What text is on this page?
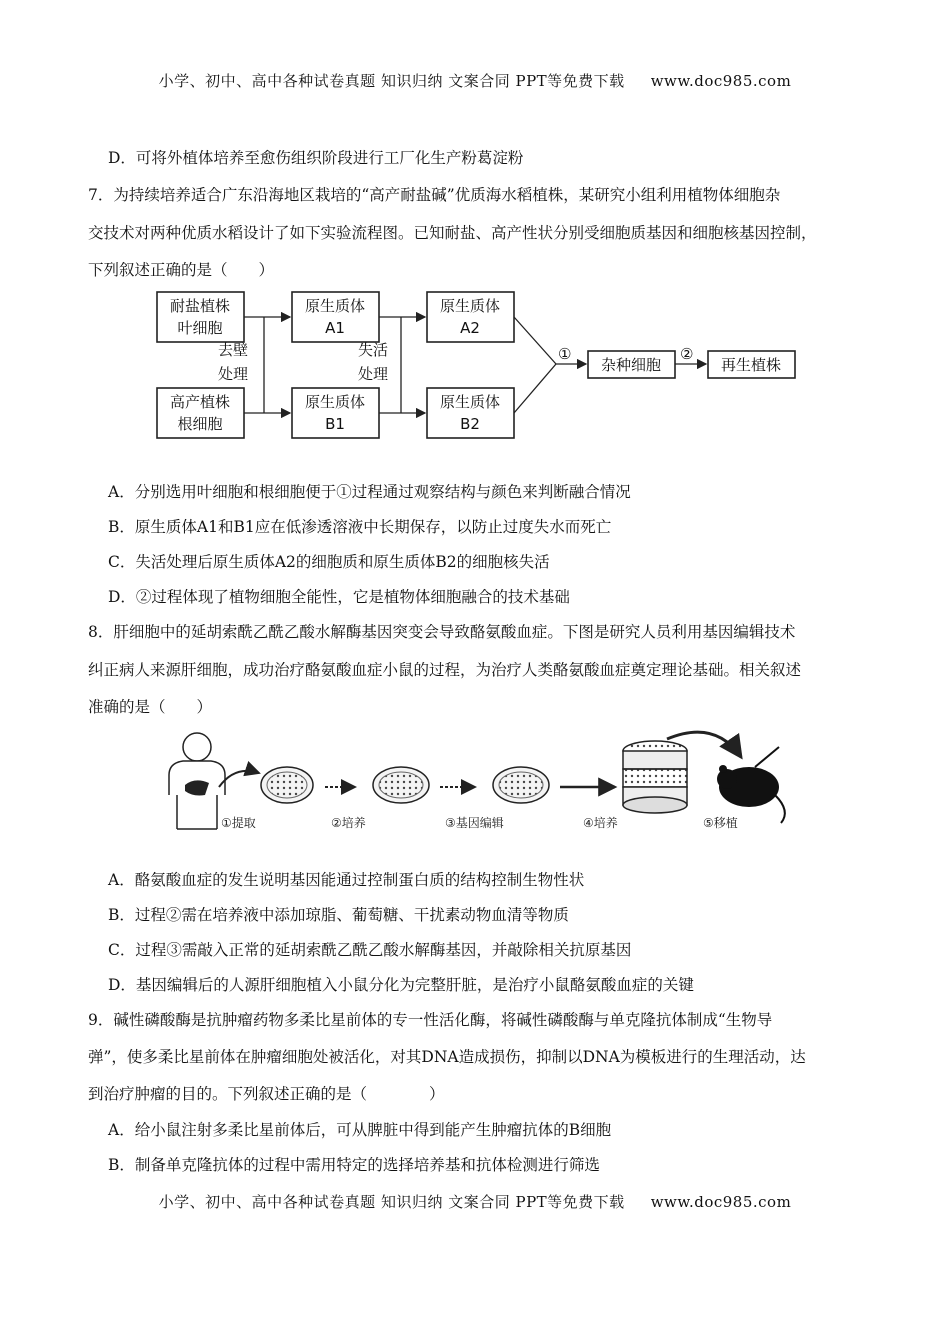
小学、初中、高中各种试卷真题 知识归纳 文案合同 PPT等免费下载 　 www.doc985.com
D．可将外植体培养至愈伤组织阶段进行工厂化生产粉葛淀粉
7．为持续培养适合广东沿海地区栽培的“高产耐盐碱”优质海水稻植株，某研究小组利用植物体细胞杂
交技术对两种优质水稻设计了如下实验流程图。已知耐盐、高产性状分别受细胞质基因和细胞核基因控制，
下列叙述正确的是（　　）
耐盐植株
叶细胞
高产植株
根细胞
原生质体
A1
原生质体
B1
原生质体
A2
原生质体
B2
杂种细胞	再生植株
去壁
处理
失活
处理
①	②
A．分别选用叶细胞和根细胞便于①过程通过观察结构与颜色来判断融合情况
B．原生质体A1和B1应在低渗透溶液中长期保存，以防止过度失水而死亡
C．失活处理后原生质体A2的细胞质和原生质体B2的细胞核失活
D．②过程体现了植物细胞全能性，它是植物体细胞融合的技术基础
8．肝细胞中的延胡索酰乙酰乙酸水解酶基因突变会导致酪氨酸血症。下图是研究人员利用基因编辑技术
纠正病人来源肝细胞，成功治疗酪氨酸血症小鼠的过程，为治疗人类酪氨酸血症奠定理论基础。相关叙述
准确的是（　　）
①提取	②培养	③基因编辑	④培养	⑤移植
A．酪氨酸血症的发生说明基因能通过控制蛋白质的结构控制生物性状
B．过程②需在培养液中添加琼脂、葡萄糖、干扰素动物血清等物质
C．过程③需敲入正常的延胡索酰乙酰乙酸水解酶基因，并敲除相关抗原基因
D．基因编辑后的人源肝细胞植入小鼠分化为完整肝脏，是治疗小鼠酪氨酸血症的关键
9．碱性磷酸酶是抗肿瘤药物多柔比星前体的专一性活化酶，将碱性磷酸酶与单克隆抗体制成“生物导
弹”，使多柔比星前体在肿瘤细胞处被活化，对其DNA造成损伤，抑制以DNA为模板进行的生理活动，达
到治疗肿瘤的目的。下列叙述正确的是（　　　　）
A．给小鼠注射多柔比星前体后，可从脾脏中得到能产生肿瘤抗体的B细胞
B．制备单克隆抗体的过程中需用特定的选择培养基和抗体检测进行筛选
小学、初中、高中各种试卷真题 知识归纳 文案合同 PPT等免费下载 　 www.doc985.com
